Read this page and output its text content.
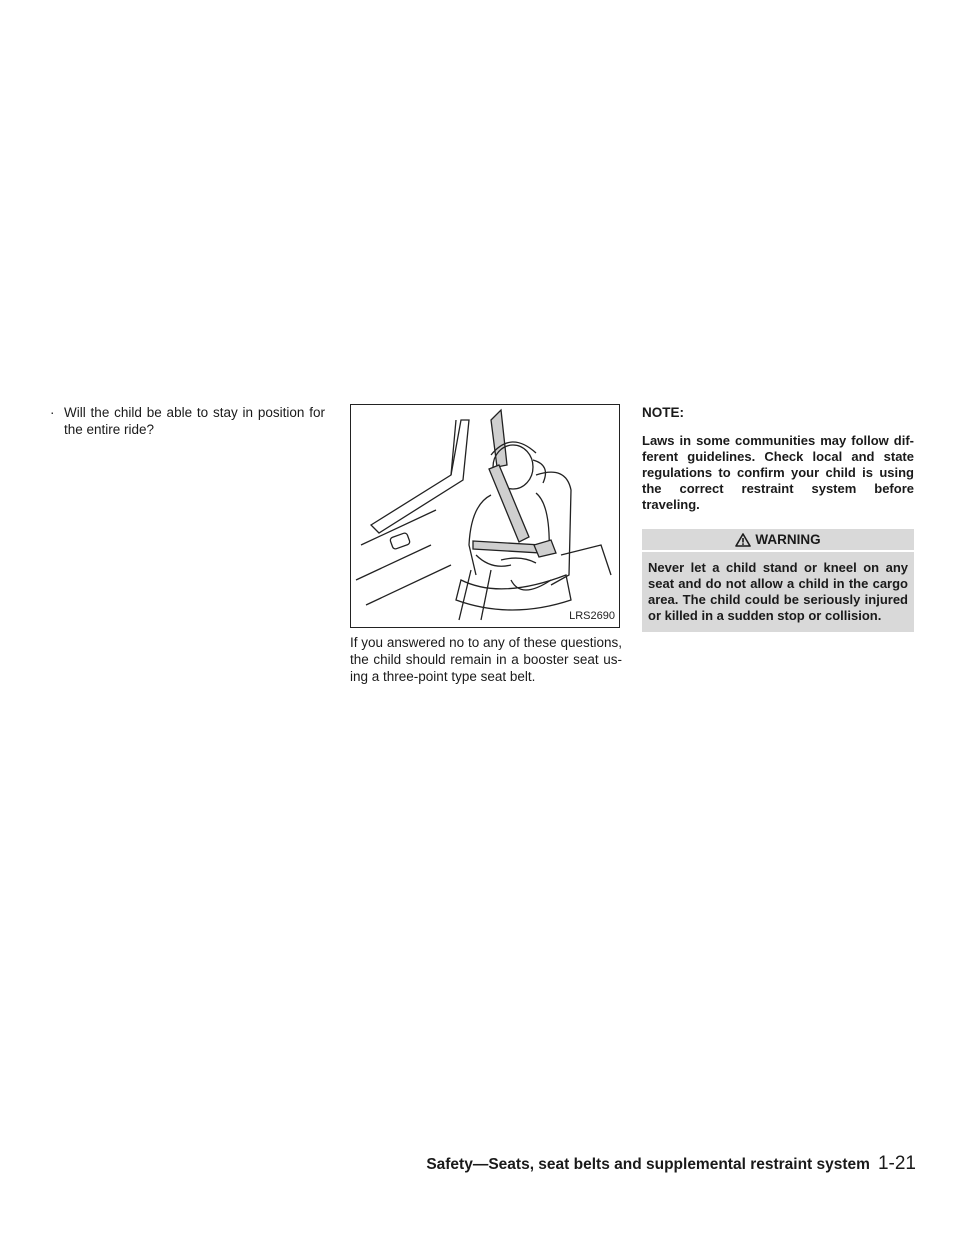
· Will the child be able to stay in position for the entire ride?
LRS2690
If you answered no to any of these questions, the child should remain in a booster seat us-ing a three-point type seat belt.
NOTE:
Laws in some communities may follow dif-ferent guidelines. Check local and state regulations to confirm your child is using the correct restraint system before traveling.
WARNING
Never let a child stand or kneel on any seat and do not allow a child in the cargo area. The child could be seriously injured or killed in a sudden stop or collision.
Safety—Seats, seat belts and supplemental restraint system 1-21
